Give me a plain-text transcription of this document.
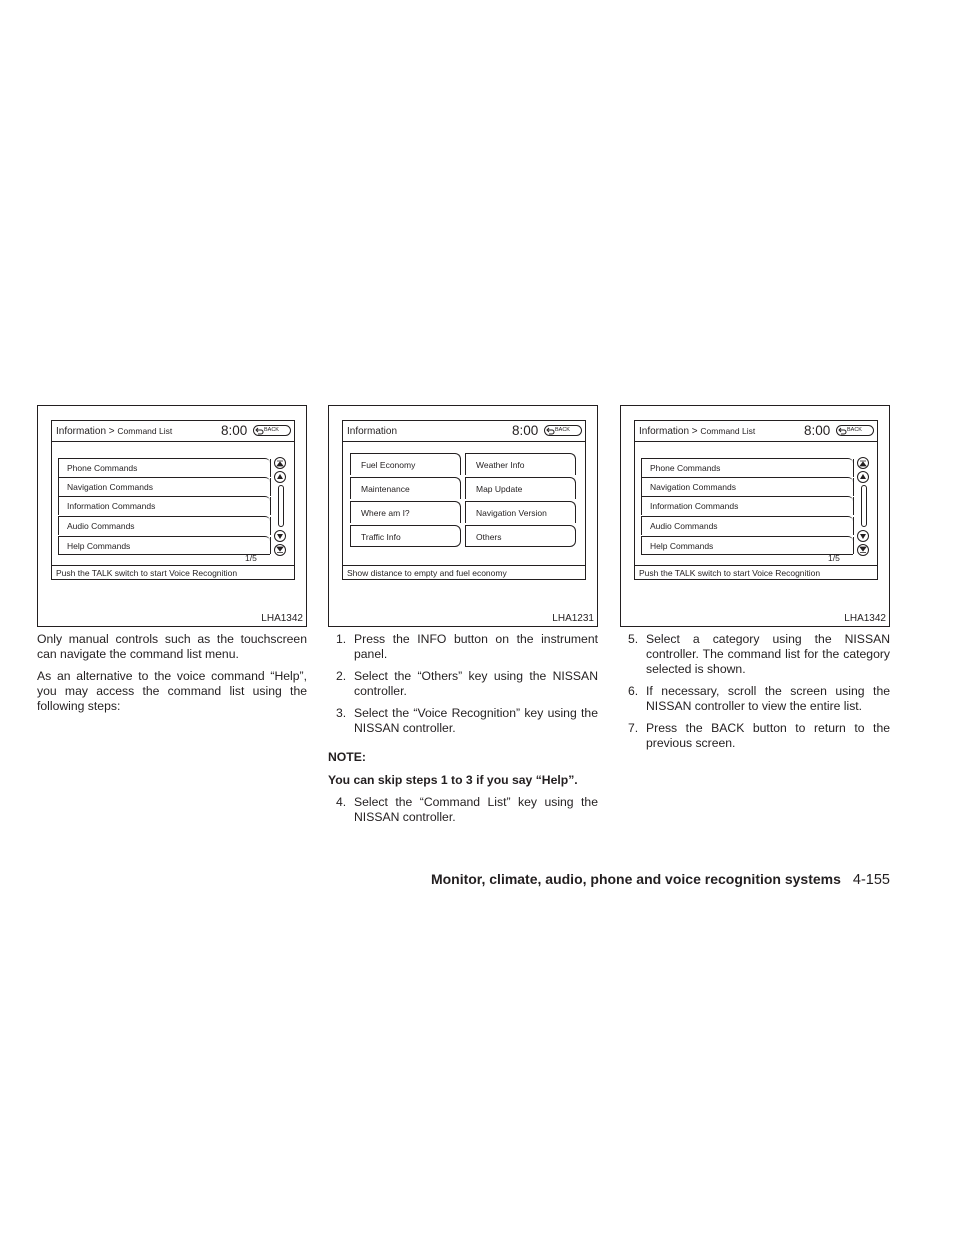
Information > Command List	8:00	BACK
Phone Commands
Navigation Commands
Information Commands
Audio Commands
Help Commands
1/5
Push the TALK switch to start Voice Recognition
LHA1342
Information	8:00	BACK
Fuel Economy	Weather Info
Maintenance	Map Update
Where am I?	Navigation Version
Traffic Info	Others
Show distance to empty and fuel economy
LHA1231
Information > Command List	8:00	BACK
Phone Commands
Navigation Commands
Information Commands
Audio Commands
Help Commands
1/5
Push the TALK switch to start Voice Recognition
LHA1342

Only manual controls such as the touchscreen can navigate the command list menu.

As an alternative to the voice command “Help”, you may access the command list using the following steps:

1. Press the INFO button on the instrument panel.

2. Select the “Others” key using the NISSAN controller.

3. Select the “Voice Recognition” key using the NISSAN controller.

NOTE:
You can skip steps 1 to 3 if you say “Help”.
4. Select the “Command List” key using the NISSAN controller.

5. Select a category using the NISSAN controller. The command list for the category selected is shown.

6. If necessary, scroll the screen using the NISSAN controller to view the entire list.

7. Press the BACK button to return to the previous screen.

Monitor, climate, audio, phone and voice recognition systems 4-155
